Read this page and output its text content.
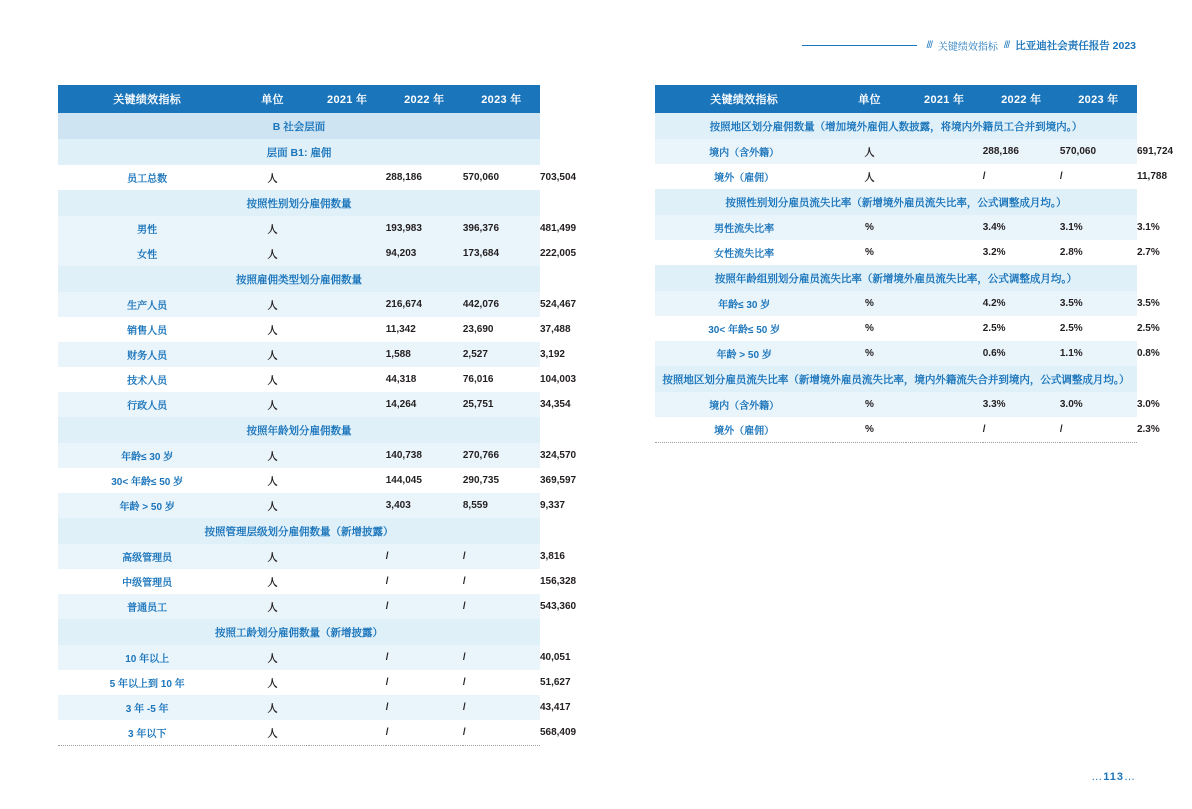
/// 关键绩效指标 /// 比亚迪社会责任报告 2023
关键绩效指标	单位	2021 年	2022 年	2023 年
B 社会层面				
层面 B1: 雇佣				
员工总数	人	288,186	570,060	703,504
按照性别划分雇佣数量				
男性	人	193,983	396,376	481,499
女性	人	94,203	173,684	222,005
按照雇佣类型划分雇佣数量				
生产人员	人	216,674	442,076	524,467
销售人员	人	11,342	23,690	37,488
财务人员	人	1,588	2,527	3,192
技术人员	人	44,318	76,016	104,003
行政人员	人	14,264	25,751	34,354
按照年龄划分雇佣数量				
年龄≤ 30 岁	人	140,738	270,766	324,570
30< 年龄≤ 50 岁	人	144,045	290,735	369,597
年龄 > 50 岁	人	3,403	8,559	9,337
按照管理层级划分雇佣数量（新增披露）				
高级管理员	人	/	/	3,816
中级管理员	人	/	/	156,328
普通员工	人	/	/	543,360
按照工龄划分雇佣数量（新增披露）				
10 年以上	人	/	/	40,051
5 年以上到 10 年	人	/	/	51,627
3 年 -5 年	人	/	/	43,417
3 年以下	人	/	/	568,409
关键绩效指标	单位	2021 年	2022 年	2023 年
按照地区划分雇佣数量（增加境外雇佣人数披露，将境内外籍员工合并到境内。）				
境内（含外籍）	人	288,186	570,060	691,724
境外（雇佣）	人	/	/	11,788
按照性别划分雇员流失比率（新增境外雇员流失比率，公式调整成月均。）				
男性流失比率	%	3.4%	3.1%	3.1%
女性流失比率	%	3.2%	2.8%	2.7%
按照年龄组别划分雇员流失比率（新增境外雇员流失比率，公式调整成月均。）				
年龄≤ 30 岁	%	4.2%	3.5%	3.5%
30< 年龄≤ 50 岁	%	2.5%	2.5%	2.5%
年龄 > 50 岁	%	0.6%	1.1%	0.8%
按照地区划分雇员流失比率（新增境外雇员流失比率，境内外籍流失合并到境内，公式调整成月均。）				
境内（含外籍）	%	3.3%	3.0%	3.0%
境外（雇佣）	%	/	/	2.3%
…113…
